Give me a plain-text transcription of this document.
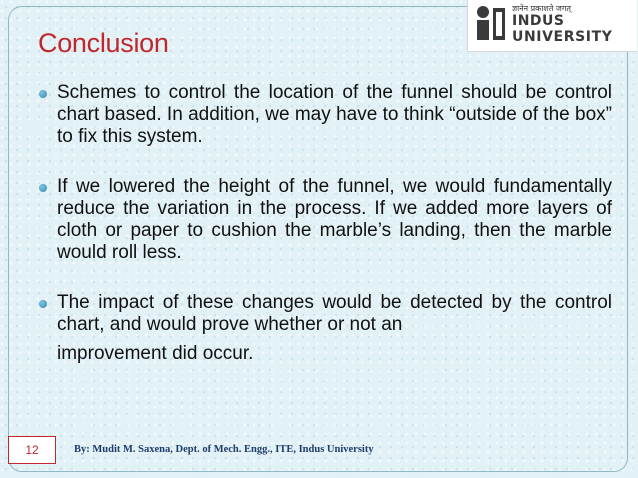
ज्ञानेन प्रकाशते जगत्
INDUS
UNIVERSITY
Conclusion
Schemes to control the location of the funnel should be control chart based. In addition, we may have to think “outside of the box” to fix this system.
If we lowered the height of the funnel, we would fundamentally reduce the variation in the process. If we added more layers of cloth or paper to cushion the marble’s landing, then the marble would roll less.
The impact of these changes would be detected by the control chart, and would prove whether or not an
improvement did occur.
12	By: Mudit M. Saxena, Dept. of Mech. Engg., ITE, Indus University
